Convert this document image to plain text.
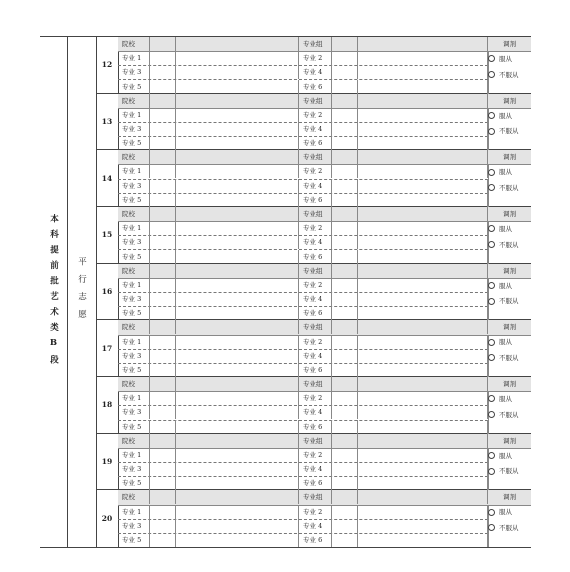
本科提前批艺术类B段 平行志愿
12
院校	专业组	调剂
专业 1	专业 2
专业 3	专业 4
专业 5	专业 6
服从
不服从
13
院校	专业组	调剂
专业 1	专业 2
专业 3	专业 4
专业 5	专业 6
服从
不服从
14
院校	专业组	调剂
专业 1	专业 2
专业 3	专业 4
专业 5	专业 6
服从
不服从
15
院校	专业组	调剂
专业 1	专业 2
专业 3	专业 4
专业 5	专业 6
服从
不服从
16
院校	专业组	调剂
专业 1	专业 2
专业 3	专业 4
专业 5	专业 6
服从
不服从
17
院校	专业组	调剂
专业 1	专业 2
专业 3	专业 4
专业 5	专业 6
服从
不服从
18
院校	专业组	调剂
专业 1	专业 2
专业 3	专业 4
专业 5	专业 6
服从
不服从
19
院校	专业组	调剂
专业 1	专业 2
专业 3	专业 4
专业 5	专业 6
服从
不服从
20
院校	专业组	调剂
专业 1	专业 2
专业 3	专业 4
专业 5	专业 6
服从
不服从
